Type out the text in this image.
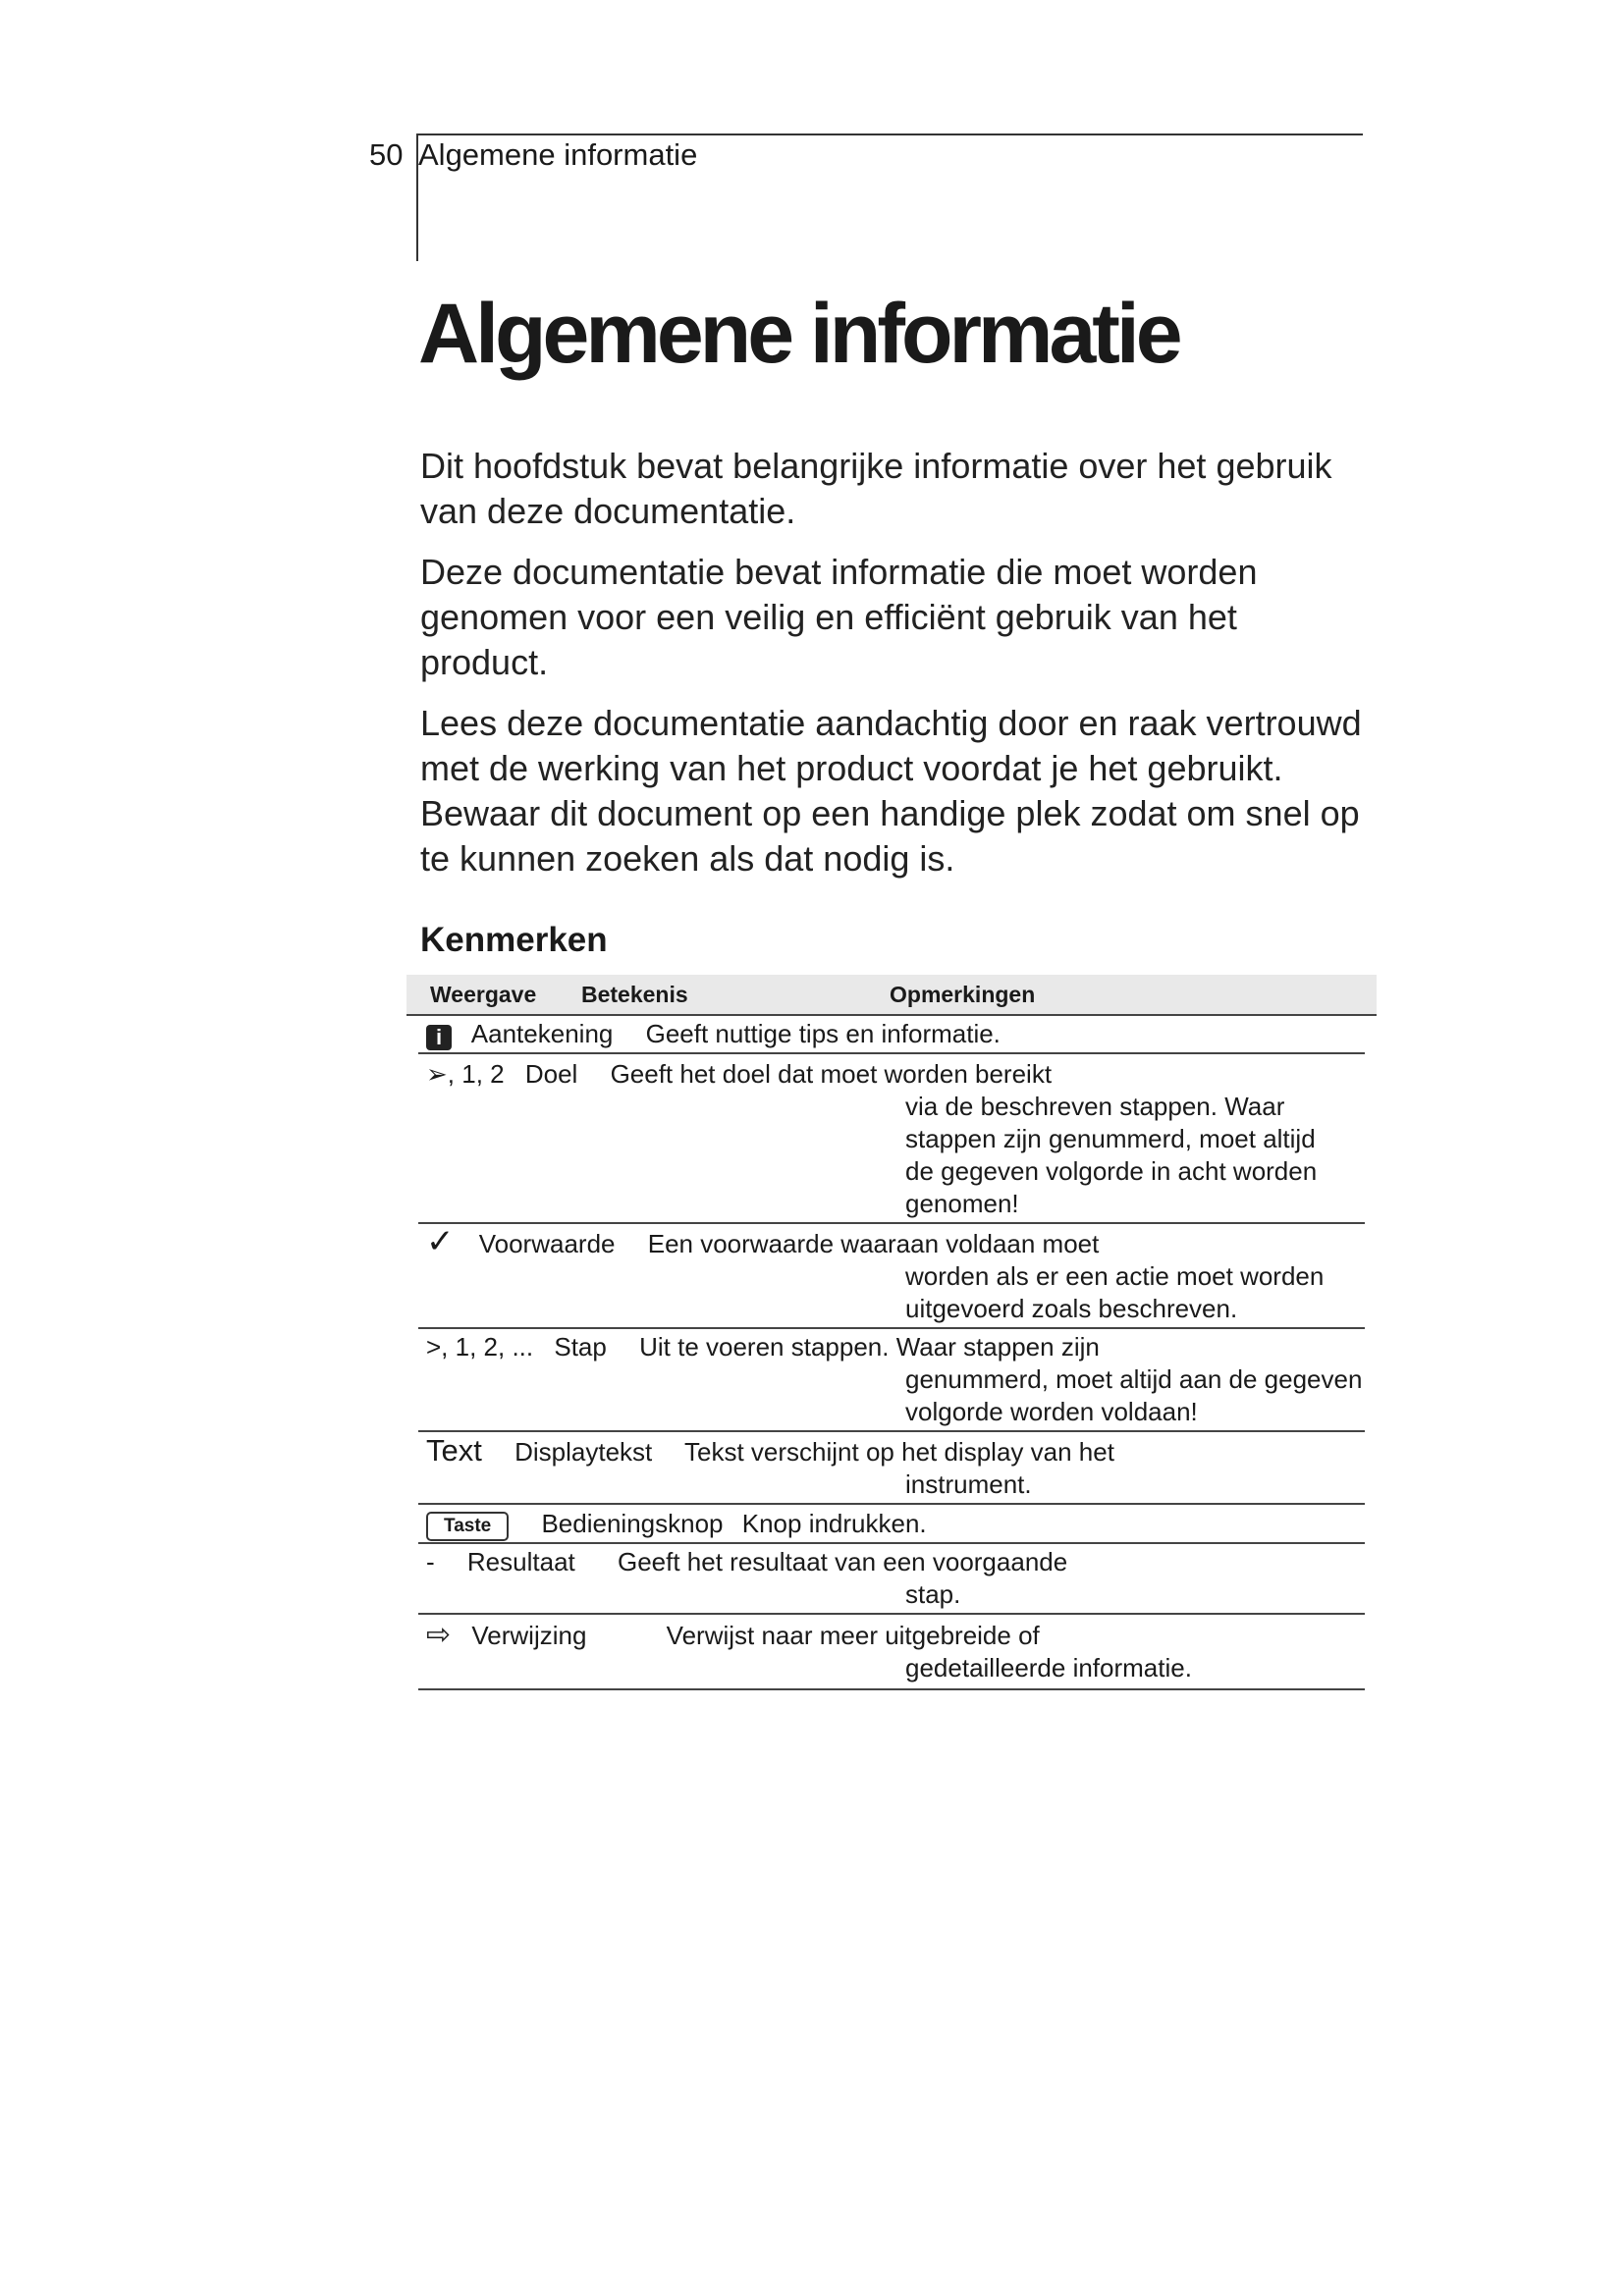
50 Algemene informatie
Algemene informatie

Dit hoofdstuk bevat belangrijke informatie over het gebruik van deze documentatie.

Deze documentatie bevat informatie die moet worden genomen voor een veilig en efficiënt gebruik van het product.

Lees deze documentatie aandachtig door en raak vertrouwd met de werking van het product voordat je het gebruikt. Bewaar dit document op een handige plek zodat om snel op te kunnen zoeken als dat nodig is.

Kenmerken
Weergave Betekenis	Opmerkingen
i Aantekening Geeft nuttige tips en informatie.
➢, 1, 2 Doel Geeft het doel dat moet worden bereikt
via de beschreven stappen. Waar
stappen zijn genummerd, moet altijd
de gegeven volgorde in acht worden
genomen!
✓ Voorwaarde Een voorwaarde waaraan voldaan moet
worden als er een actie moet worden
uitgevoerd zoals beschreven.
>, 1, 2, ... Stap Uit te voeren stappen. Waar stappen zijn
genummerd, moet altijd aan de gegeven
volgorde worden voldaan!
Text Displaytekst Tekst verschijnt op het display van het
instrument.
Taste Bedieningsknop Knop indrukken.
- Resultaat Geeft het resultaat van een voorgaande
stap.
⇨ Verwijzing	Verwijst naar meer uitgebreide of
gedetailleerde informatie.
